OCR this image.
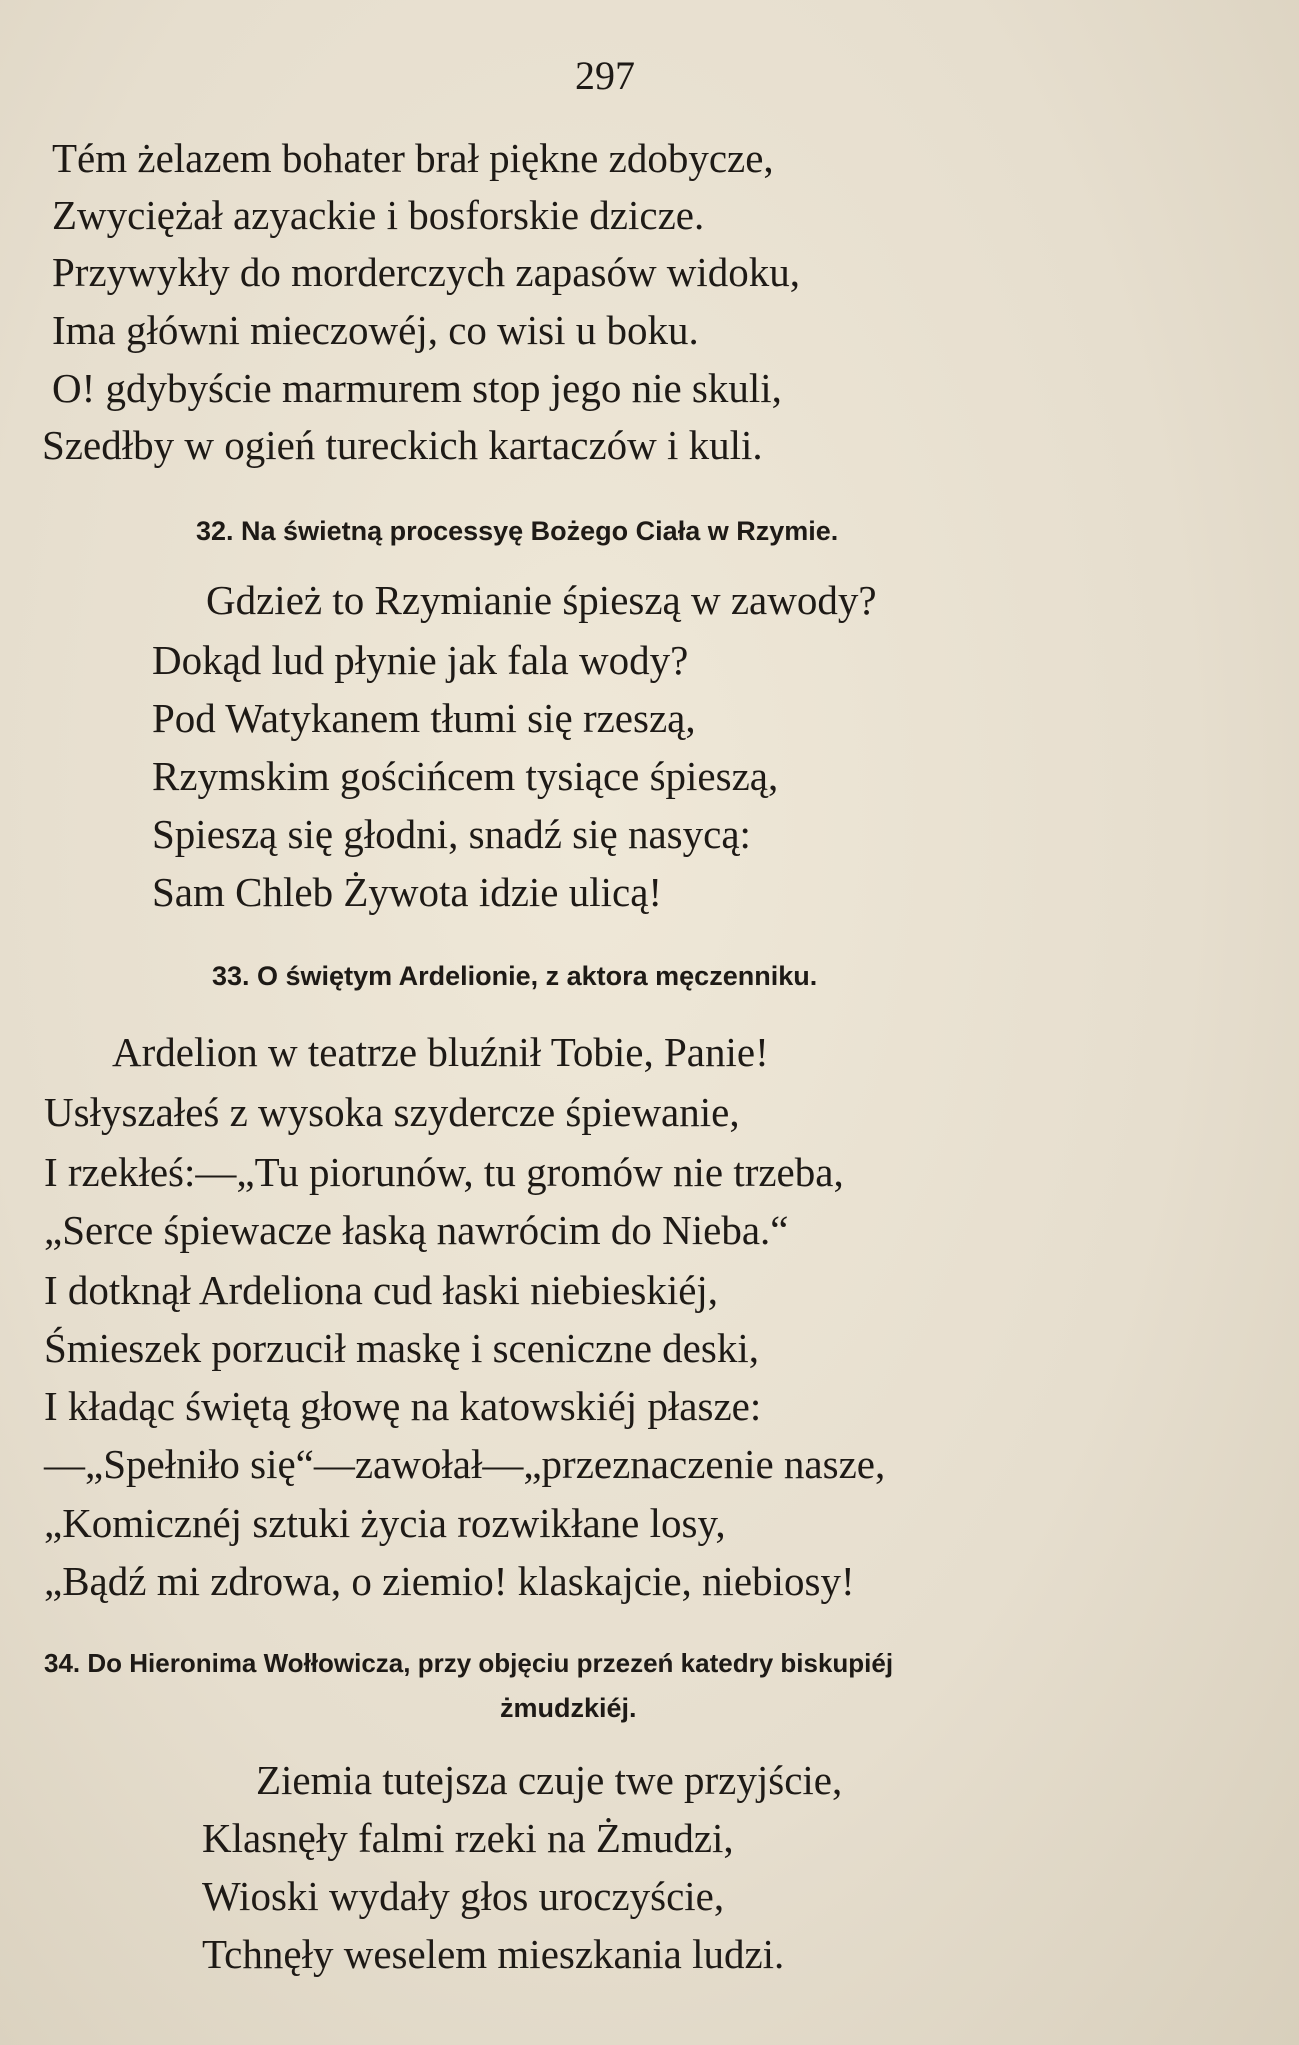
297
Tém żelazem bohater brał piękne zdobycze,
Zwyciężał azyackie i bosforskie dzicze.
Przywykły do morderczych zapasów widoku,
Ima główni mieczowéj, co wisi u boku.
O! gdybyście marmurem stop jego nie skuli,
Szedłby w ogień tureckich kartaczów i kuli.
32. Na świetną processyę Bożego Ciała w Rzymie.
Gdzież to Rzymianie śpieszą w zawody?
Dokąd lud płynie jak fala wody?
Pod Watykanem tłumi się rzeszą,
Rzymskim gościńcem tysiące śpieszą,
Spieszą się głodni, snadź się nasycą:
Sam Chleb Żywota idzie ulicą!
33. O świętym Ardelionie, z aktora męczenniku.
Ardelion w teatrze bluźnił Tobie, Panie!
Usłyszałeś z wysoka szydercze śpiewanie,
I rzekłeś:—„Tu piorunów, tu gromów nie trzeba,
„Serce śpiewacze łaską nawrócim do Nieba.“
I dotknął Ardeliona cud łaski niebieskiéj,
Śmieszek porzucił maskę i sceniczne deski,
I kładąc świętą głowę na katowskiéj płasze:
—„Spełniło się“—zawołał—„przeznaczenie nasze,
„Komicznéj sztuki życia rozwikłane losy,
„Bądź mi zdrowa, o ziemio! klaskajcie, niebiosy!
34. Do Hieronima Wołłowicza, przy objęciu przezeń katedry biskupiéj
żmudzkiéj.
Ziemia tutejsza czuje twe przyjście,
Klasnęły falmi rzeki na Żmudzi,
Wioski wydały głos uroczyście,
Tchnęły weselem mieszkania ludzi.
